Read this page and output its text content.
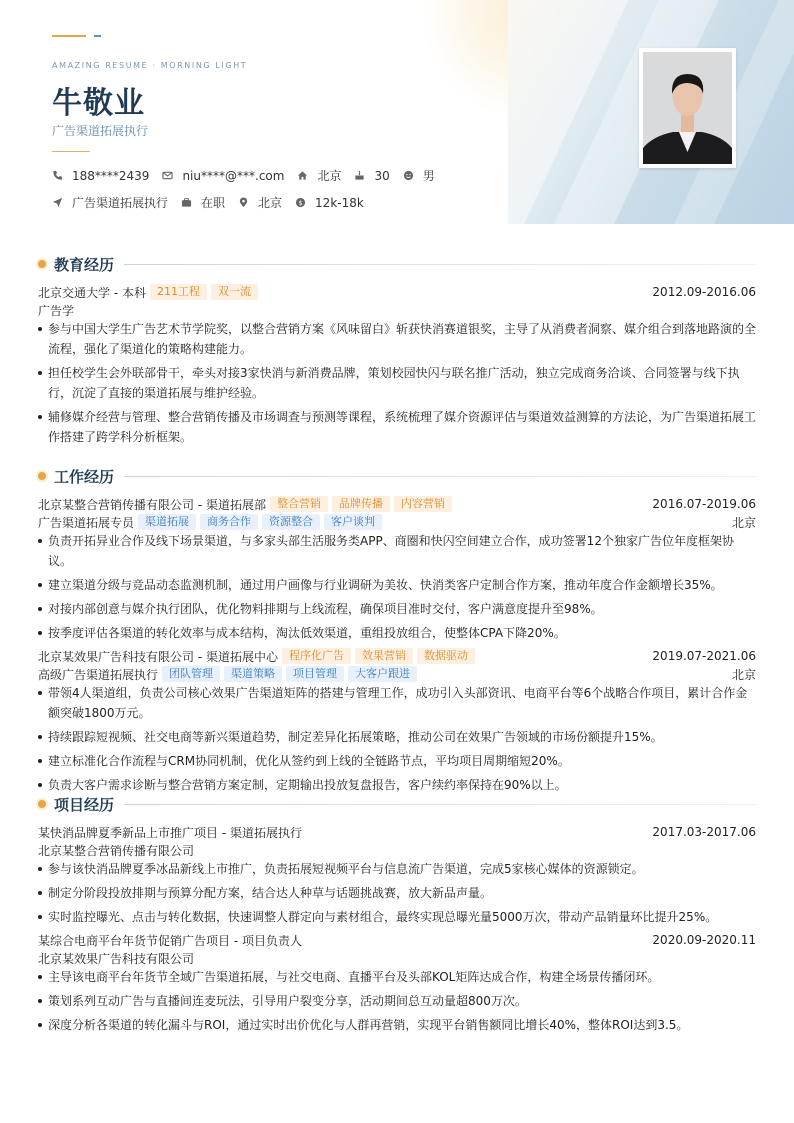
AMAZING RESUME · MORNING LIGHT
牛敬业
广告渠道拓展执行
188****2439	niu****@***.com	北京	30	男
广告渠道拓展执行	在职	北京 $ 12k-18k
教育经历
北京交通大学 - 本科	211工程	双一流	2012.09-2016.06
广告学
参与中国大学生广告艺术节学院奖，以整合营销方案《风味留白》斩获快消赛道银奖，主导了从消费者洞察、媒介组合到落地路演的全流程，强化了渠道化的策略构建能力。
担任校学生会外联部骨干，牵头对接3家快消与新消费品牌，策划校园快闪与联名推广活动，独立完成商务洽谈、合同签署与线下执行，沉淀了直接的渠道拓展与维护经验。
辅修媒介经营与管理、整合营销传播及市场调查与预测等课程，系统梳理了媒介资源评估与渠道效益测算的方法论，为广告渠道拓展工作搭建了跨学科分析框架。
工作经历
北京某整合营销传播有限公司 - 渠道拓展部	整合营销	品牌传播	内容营销	2016.07-2019.06
广告渠道拓展专员	渠道拓展	商务合作	资源整合	客户谈判	北京
负责开拓异业合作及线下场景渠道，与多家头部生活服务类APP、商圈和快闪空间建立合作，成功签署12个独家广告位年度框架协议。
建立渠道分级与竞品动态监测机制，通过用户画像与行业调研为美妆、快消类客户定制合作方案，推动年度合作金额增长35%。
对接内部创意与媒介执行团队，优化物料排期与上线流程，确保项目准时交付，客户满意度提升至98%。
按季度评估各渠道的转化效率与成本结构，淘汰低效渠道，重组投放组合，使整体CPA下降20%。
北京某效果广告科技有限公司 - 渠道拓展中心	程序化广告	效果营销	数据驱动	2019.07-2021.06
高级广告渠道拓展执行	团队管理	渠道策略	项目管理	大客户跟进	北京
带领4人渠道组，负责公司核心效果广告渠道矩阵的搭建与管理工作，成功引入头部资讯、电商平台等6个战略合作项目，累计合作金额突破1800万元。
持续跟踪短视频、社交电商等新兴渠道趋势，制定差异化拓展策略，推动公司在效果广告领域的市场份额提升15%。
建立标准化合作流程与CRM协同机制，优化从签约到上线的全链路节点，平均项目周期缩短20%。
负责大客户需求诊断与整合营销方案定制，定期输出投放复盘报告，客户续约率保持在90%以上。
项目经历
某快消品牌夏季新品上市推广项目 - 渠道拓展执行	2017.03-2017.06
北京某整合营销传播有限公司
参与该快消品牌夏季冰品新线上市推广，负责拓展短视频平台与信息流广告渠道，完成5家核心媒体的资源锁定。
制定分阶段投放排期与预算分配方案，结合达人种草与话题挑战赛，放大新品声量。
实时监控曝光、点击与转化数据，快速调整人群定向与素材组合，最终实现总曝光量5000万次，带动产品销量环比提升25%。
某综合电商平台年货节促销广告项目 - 项目负责人	2020.09-2020.11
北京某效果广告科技有限公司
主导该电商平台年货节全域广告渠道拓展，与社交电商、直播平台及头部KOL矩阵达成合作，构建全场景传播闭环。
策划系列互动广告与直播间连麦玩法，引导用户裂变分享，活动期间总互动量超800万次。
深度分析各渠道的转化漏斗与ROI，通过实时出价优化与人群再营销，实现平台销售额同比增长40%，整体ROI达到3.5。
